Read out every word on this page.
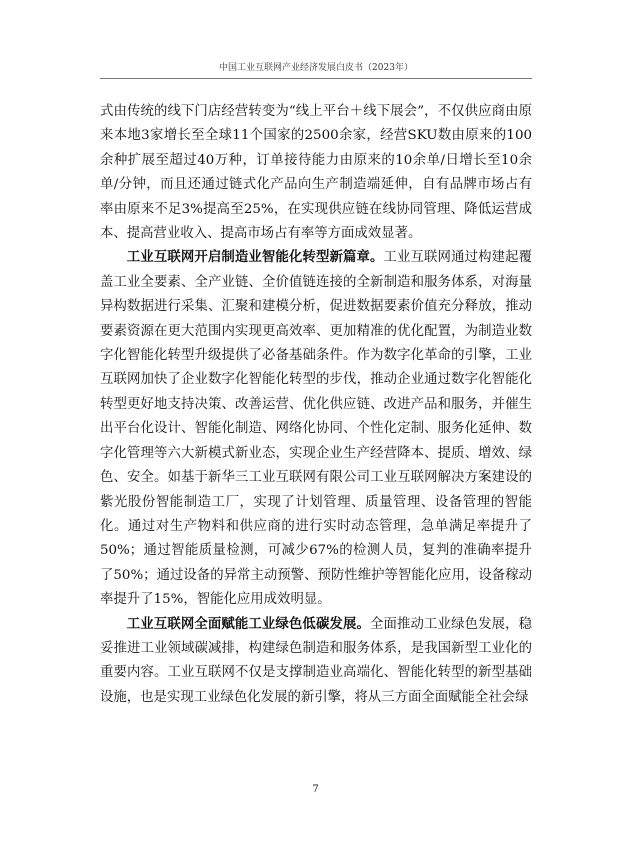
中国工业互联网产业经济发展白皮书（2023年）

式由传统的线下门店经营转变为“线上平台＋线下展会”，不仅供应商由原来本地3家增长至全球11个国家的2500余家，经营SKU数由原来的100余种扩展至超过40万种，订单接待能力由原来的10余单/日增长至10余单/分钟，而且还通过链式化产品向生产制造端延伸，自有品牌市场占有率由原来不足3%提高至25%，在实现供应链在线协同管理、降低运营成本、提高营业收入、提高市场占有率等方面成效显著。

工业互联网开启制造业智能化转型新篇章。工业互联网通过构建起覆盖工业全要素、全产业链、全价值链连接的全新制造和服务体系，对海量异构数据进行采集、汇聚和建模分析，促进数据要素价值充分释放，推动要素资源在更大范围内实现更高效率、更加精准的优化配置，为制造业数字化智能化转型升级提供了必备基础条件。作为数字化革命的引擎，工业互联网加快了企业数字化智能化转型的步伐，推动企业通过数字化智能化转型更好地支持决策、改善运营、优化供应链、改进产品和服务，并催生出平台化设计、智能化制造、网络化协同、个性化定制、服务化延伸、数字化管理等六大新模式新业态，实现企业生产经营降本、提质、增效、绿色、安全。如基于新华三工业互联网有限公司工业互联网解决方案建设的紫光股份智能制造工厂，实现了计划管理、质量管理、设备管理的智能化。通过对生产物料和供应商的进行实时动态管理，急单满足率提升了50%；通过智能质量检测，可减少67%的检测人员，复判的准确率提升了50%；通过设备的异常主动预警、预防性维护等智能化应用，设备稼动率提升了15%，智能化应用成效明显。

工业互联网全面赋能工业绿色低碳发展。全面推动工业绿色发展，稳妥推进工业领域碳减排，构建绿色制造和服务体系，是我国新型工业化的重要内容。工业互联网不仅是支撑制造业高端化、智能化转型的新型基础设施，也是实现工业绿色化发展的新引擎，将从三方面全面赋能全社会绿

7
